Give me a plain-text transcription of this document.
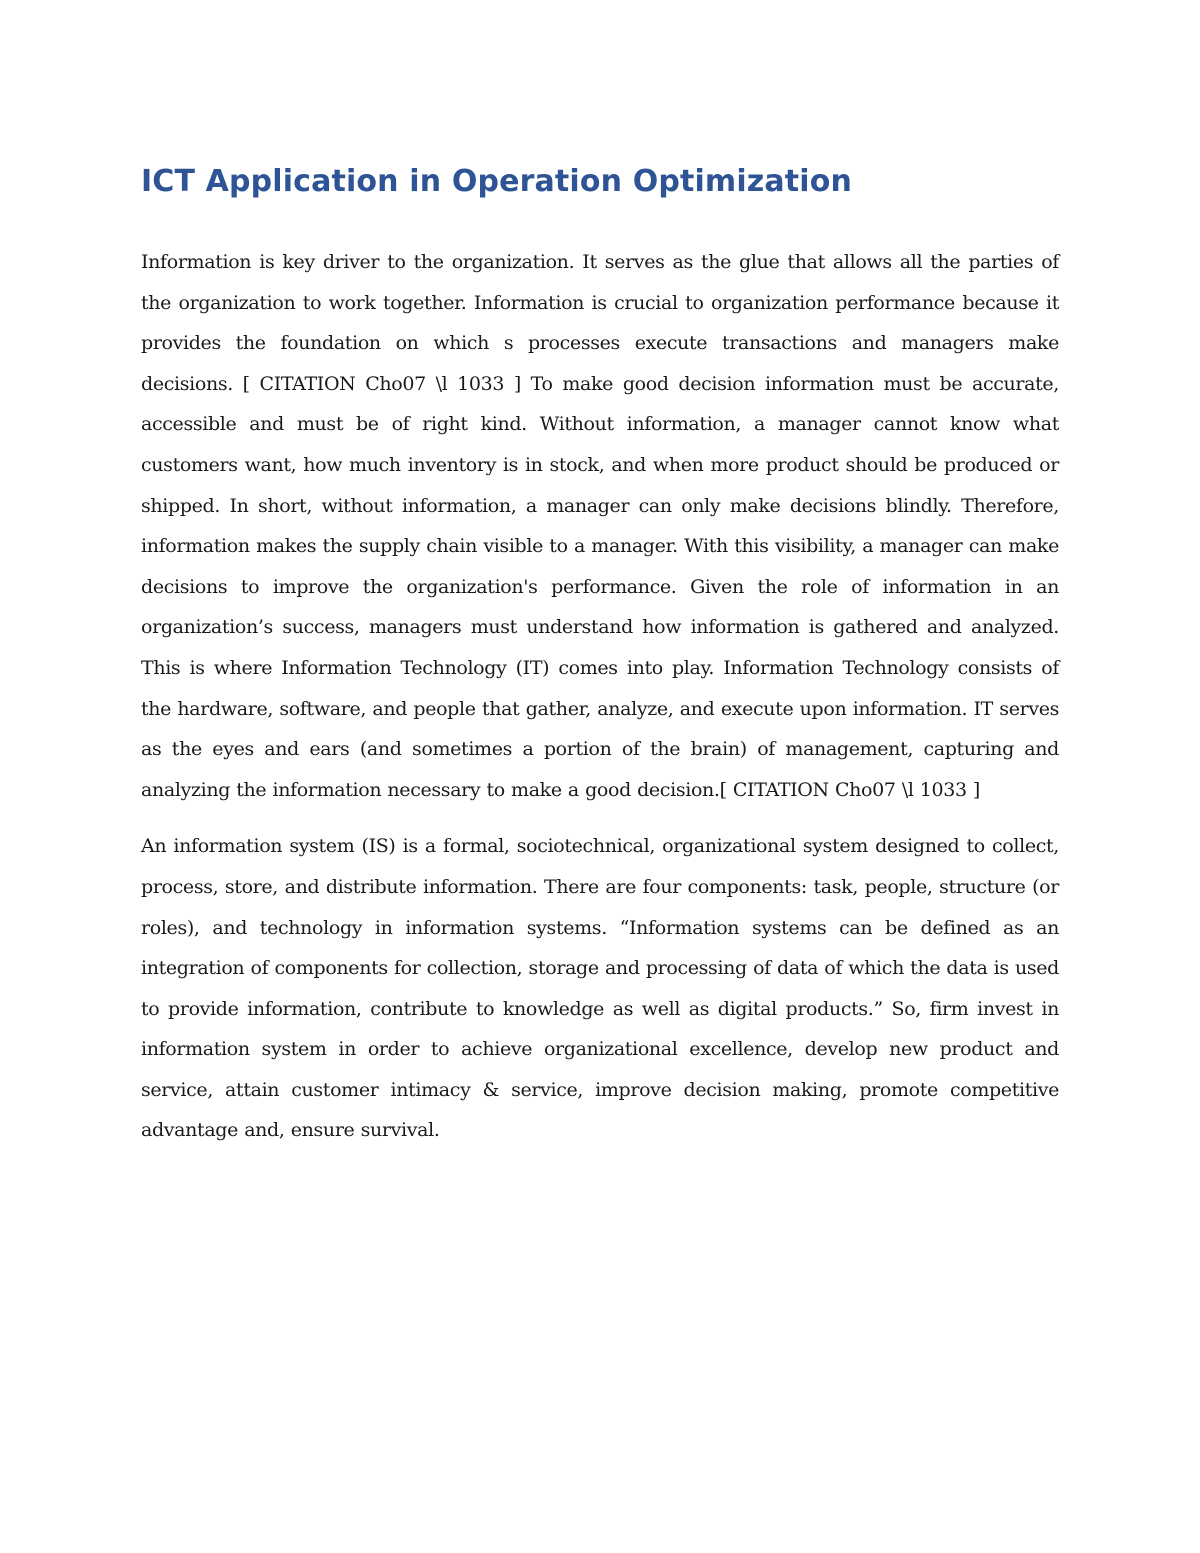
ICT Application in Operation Optimization

Information is key driver to the organization. It serves as the glue that allows all the parties of the organization to work together. Information is crucial to organization performance because it provides the foundation on which s processes execute transactions and managers make decisions. [ CITATION Cho07 \l 1033 ] To make good decision information must be accurate, accessible and must be of right kind. Without information, a manager cannot know what customers want, how much inventory is in stock, and when more product should be produced or shipped. In short, without information, a manager can only make decisions blindly. Therefore, information makes the supply chain visible to a manager. With this visibility, a manager can make decisions to improve the organization's performance. Given the role of information in an organization’s success, managers must understand how information is gathered and analyzed. This is where Information Technology (IT) comes into play. Information Technology consists of the hardware, software, and people that gather, analyze, and execute upon information. IT serves as the eyes and ears (and sometimes a portion of the brain) of management, capturing and analyzing the information necessary to make a good decision.[ CITATION Cho07 \l 1033 ]

An information system (IS) is a formal, sociotechnical, organizational system designed to collect, process, store, and distribute information. There are four components: task, people, structure (or roles), and technology in information systems. “Information systems can be defined as an integration of components for collection, storage and processing of data of which the data is used to provide information, contribute to knowledge as well as digital products.” So, firm invest in information system in order to achieve organizational excellence, develop new product and service, attain customer intimacy & service, improve decision making, promote competitive advantage and, ensure survival.
